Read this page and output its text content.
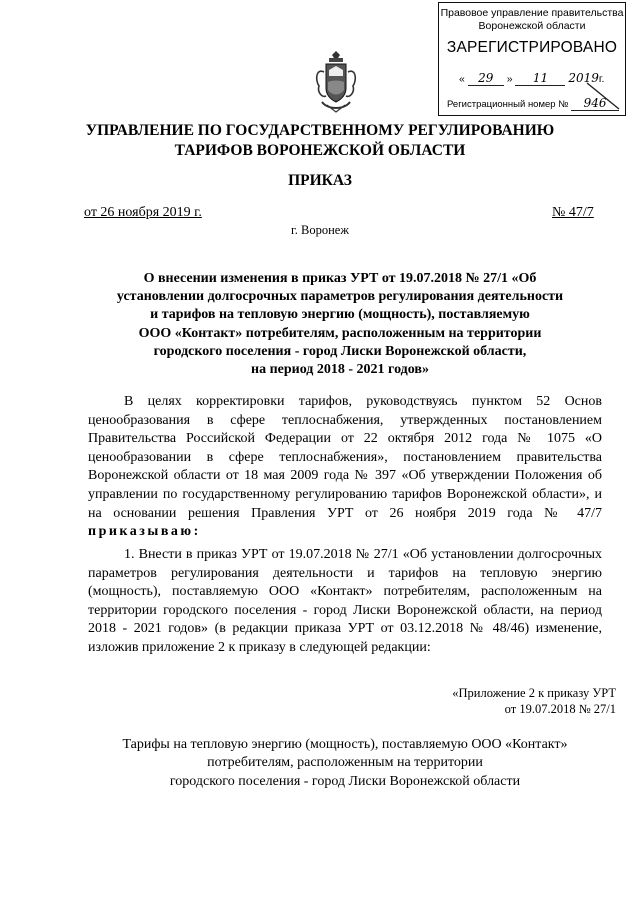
Правовое управление правительства
Воронежской области
ЗАРЕГИСТРИРОВАНО
« 29 » 11 2019г.
Регистрационный номер № 946
УПРАВЛЕНИЕ ПО ГОСУДАРСТВЕННОМУ РЕГУЛИРОВАНИЮ
ТАРИФОВ ВОРОНЕЖСКОЙ ОБЛАСТИ
ПРИКАЗ
от 26 ноября 2019 г.	№ 47/7
г. Воронеж
О внесении изменения в приказ УРТ от 19.07.2018 № 27/1 «Об
установлении долгосрочных параметров регулирования деятельности
и тарифов на тепловую энергию (мощность), поставляемую
ООО «Контакт» потребителям, расположенным на территории
городского поселения - город Лиски Воронежской области,
на период 2018 - 2021 годов»
В целях корректировки тарифов, руководствуясь пунктом 52 Основ ценообразования в сфере теплоснабжения, утвержденных постановлением Правительства Российской Федерации от 22 октября 2012 года № 1075 «О ценообразовании в сфере теплоснабжения», постановлением правительства Воронежской области от 18 мая 2009 года № 397 «Об утверждении Положения об управлении по государственному регулированию тарифов Воронежской области», и на основании решения Правления УРТ от 26 ноября 2019 года № 47/7 приказываю:
1. Внести в приказ УРТ от 19.07.2018 № 27/1 «Об установлении долгосрочных параметров регулирования деятельности и тарифов на тепловую энергию (мощность), поставляемую ООО «Контакт» потребителям, расположенным на территории городского поселения - город Лиски Воронежской области, на период 2018 - 2021 годов» (в редакции приказа УРТ от 03.12.2018 № 48/46) изменение, изложив приложение 2 к приказу в следующей редакции:
«Приложение 2 к приказу УРТ
от 19.07.2018 № 27/1
Тарифы на тепловую энергию (мощность), поставляемую ООО «Контакт»
потребителям, расположенным на территории
городского поселения - город Лиски Воронежской области
